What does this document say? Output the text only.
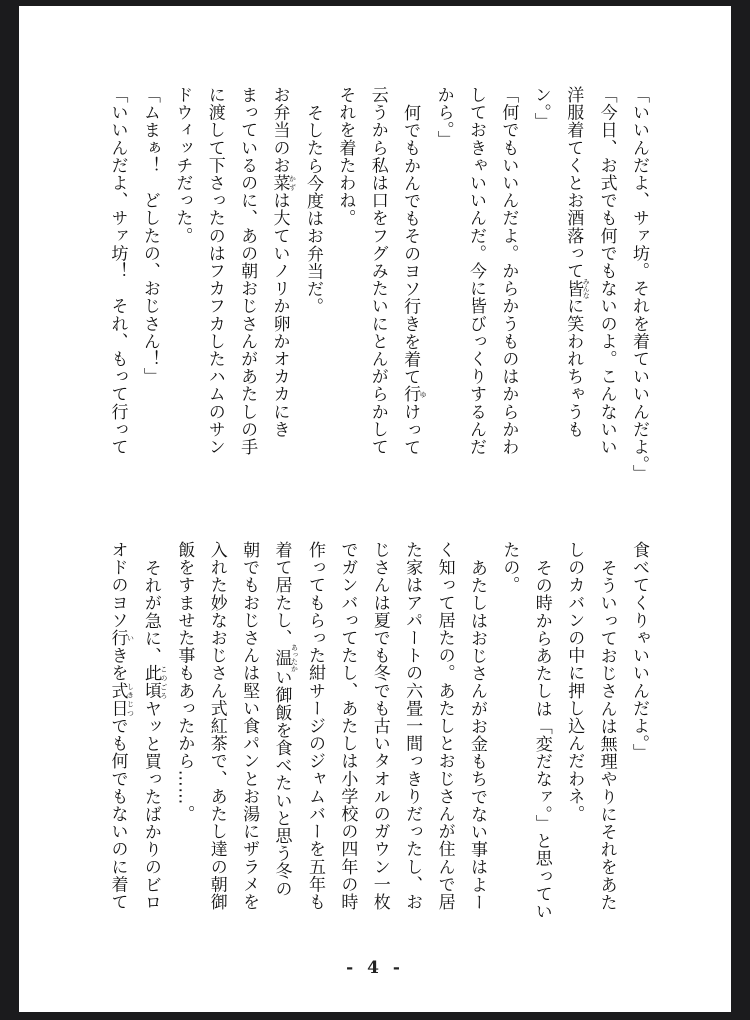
「いいんだよ、サァ坊。それを着ていいんだよ。」
「今日、お式でも何でもないのよ。こんないい
洋服着てくとお酒落って皆 みんなに笑われちゃうも
ン。」
「何でもいいんだよ。からかうものはからかわ
しておきゃいいんだ。今に皆びっくりするんだ
から。」
何でもかんでもそのヨソ行きを着て行 ゆけって
云うから私は口をフグみたいにとんがらかして
それを着たわね。
そしたら今度はお弁当だ。
お弁当のお菜 かずは大ていノリか卵かオカカにき
まっているのに、あの朝おじさんがあたしの手
に渡して下さったのはフカフカしたハムのサン
ドウィッチだった。
「ムまぁ！　どしたの、おじさん！」
「いいんだよ、サァ坊！　それ、もって行って
食べてくりゃいいんだよ。」
そういっておじさんは無理やりにそれをあた
しのカバンの中に押し込んだわネ。
その時からあたしは「変だなァ。」と思ってい
たの。
あたしはおじさんがお金もちでない事はよー
く知って居たの。あたしとおじさんが住んで居
た家はアパートの六畳一間っきりだったし、お
じさんは夏でも冬でも古いタオルのガウン一枚
でガンバってたし、あたしは小学校の四年の時
作ってもらった紺サージのジャムバーを五年も
着て居たし、温 あったかい御飯を食べたいと思う冬の
朝でもおじさんは堅い食パンとお湯にザラメを
入れた妙なおじさん式紅茶で、あたし達の朝御
飯をすませた事もあったから……。
それが急に、此頃 このごろヤッと買ったばかりのビロ
オドのヨソ行 いきを式日 しきじつでも何でもないのに着て
- 4 -
